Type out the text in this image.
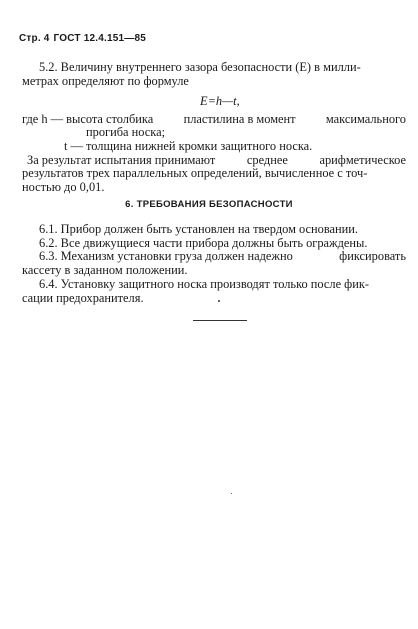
Стр. 4 ГОСТ 12.4.151—85
5.2. Величину внутреннего зазора безопасности (E) в милли-
метрах определяют по формуле
E=h—t,
где h — высота столбика пластилина в момент максимального
прогиба носка;
t — толщина нижней кромки защитного носка.
За результат испытания принимают	среднее	арифметическое
результатов трех параллельных определений, вычисленное с точ-
ностью до 0,01.
6. ТРЕБОВАНИЯ БЕЗОПАСНОСТИ
6.1. Прибор должен быть установлен на твердом основании.
6.2. Все движущиеся части прибора должны быть ограждены.
6.3. Механизм установки груза должен надежно	фиксировать
кассету в заданном положении.
6.4. Установку защитного носка производят только после фик-
сации предохранителя.
